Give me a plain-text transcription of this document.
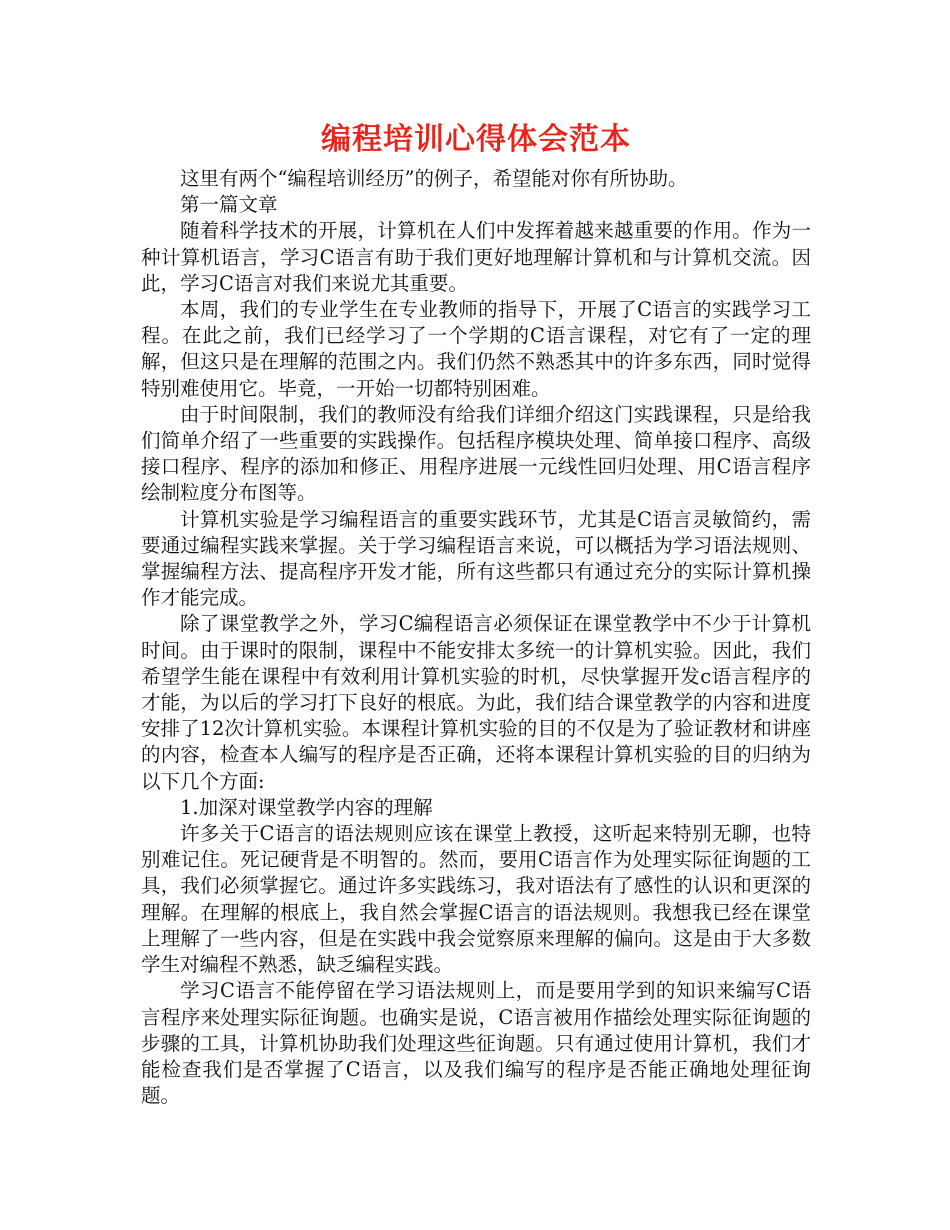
编程培训心得体会范本

这里有两个“编程培训经历”的例子，希望能对你有所协助。

第一篇文章

随着科学技术的开展，计算机在人们中发挥着越来越重要的作用。作为一种计算机语言，学习C语言有助于我们更好地理解计算机和与计算机交流。因此，学习C语言对我们来说尤其重要。

本周，我们的专业学生在专业教师的指导下，开展了C语言的实践学习工程。在此之前，我们已经学习了一个学期的C语言课程，对它有了一定的理解，但这只是在理解的范围之内。我们仍然不熟悉其中的许多东西，同时觉得特别难使用它。毕竟，一开始一切都特别困难。

由于时间限制，我们的教师没有给我们详细介绍这门实践课程，只是给我们简单介绍了一些重要的实践操作。包括程序模块处理、简单接口程序、高级接口程序、程序的添加和修正、用程序进展一元线性回归处理、用C语言程序绘制粒度分布图等。

计算机实验是学习编程语言的重要实践环节，尤其是C语言灵敏简约，需要通过编程实践来掌握。关于学习编程语言来说，可以概括为学习语法规则、掌握编程方法、提高程序开发才能，所有这些都只有通过充分的实际计算机操作才能完成。

除了课堂教学之外，学习C编程语言必须保证在课堂教学中不少于计算机时间。由于课时的限制，课程中不能安排太多统一的计算机实验。因此，我们希望学生能在课程中有效利用计算机实验的时机，尽快掌握开发c语言程序的才能，为以后的学习打下良好的根底。为此，我们结合课堂教学的内容和进度安排了12次计算机实验。本课程计算机实验的目的不仅是为了验证教材和讲座的内容，检查本人编写的程序是否正确，还将本课程计算机实验的目的归纳为以下几个方面:

1.加深对课堂教学内容的理解

许多关于C语言的语法规则应该在课堂上教授，这听起来特别无聊，也特别难记住。死记硬背是不明智的。然而，要用C语言作为处理实际征询题的工具，我们必须掌握它。通过许多实践练习，我对语法有了感性的认识和更深的理解。在理解的根底上，我自然会掌握C语言的语法规则。我想我已经在课堂上理解了一些内容，但是在实践中我会觉察原来理解的偏向。这是由于大多数学生对编程不熟悉，缺乏编程实践。

学习C语言不能停留在学习语法规则上，而是要用学到的知识来编写C语言程序来处理实际征询题。也确实是说，C语言被用作描绘处理实际征询题的步骤的工具，计算机协助我们处理这些征询题。只有通过使用计算机，我们才能检查我们是否掌握了C语言，以及我们编写的程序是否能正确地处理征询题。
